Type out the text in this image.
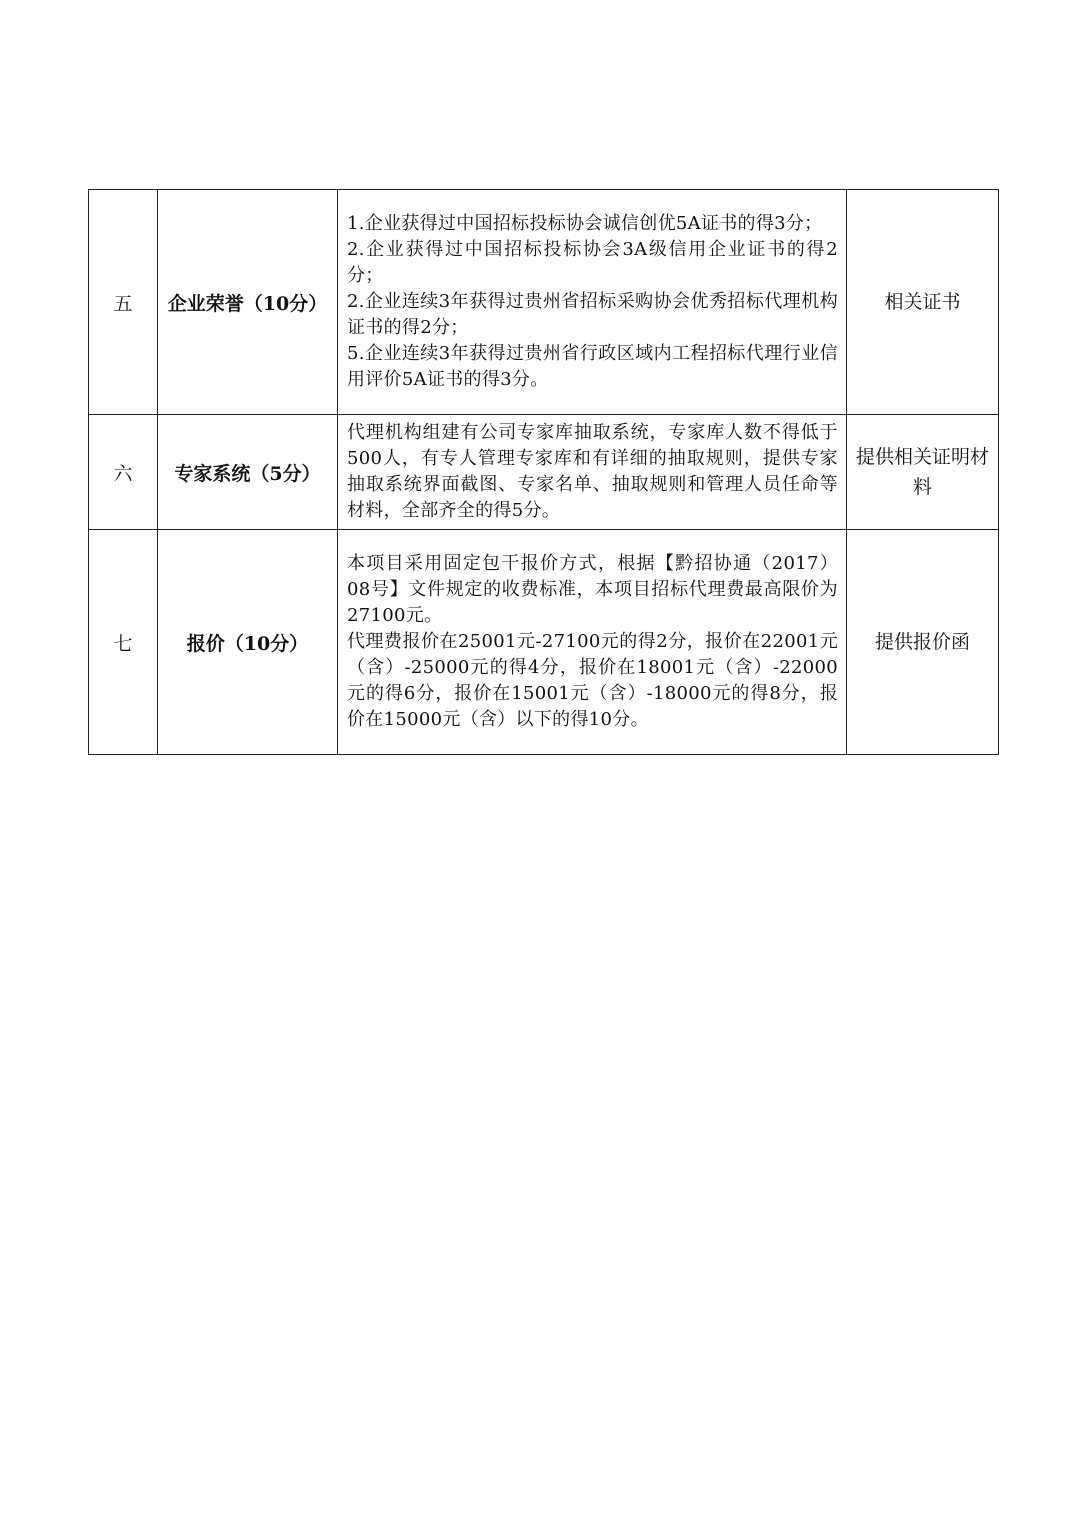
五	企业荣誉（10分）	1.企业获得过中国招标投标协会诚信创优5A证书的得3分；
2.企业获得过中国招标投标协会3A级信用企业证书的得2分；
2.企业连续3年获得过贵州省招标采购协会优秀招标代理机构证书的得2分；
5.企业连续3年获得过贵州省行政区域内工程招标代理行业信用评价5A证书的得3分。	相关证书
六	专家系统（5分）	代理机构组建有公司专家库抽取系统，专家库人数不得低于500人，有专人管理专家库和有详细的抽取规则，提供专家抽取系统界面截图、专家名单、抽取规则和管理人员任命等材料，全部齐全的得5分。	提供相关证明材料
七	报价（10分）	本项目采用固定包干报价方式，根据【黔招协通（2017）08号】文件规定的收费标准，本项目招标代理费最高限价为27100元。
代理费报价在25001元-27100元的得2分，报价在22001元（含）-25000元的得4分，报价在18001元（含）-22000元的得6分，报价在15001元（含）-18000元的得8分，报价在15000元（含）以下的得10分。	提供报价函
